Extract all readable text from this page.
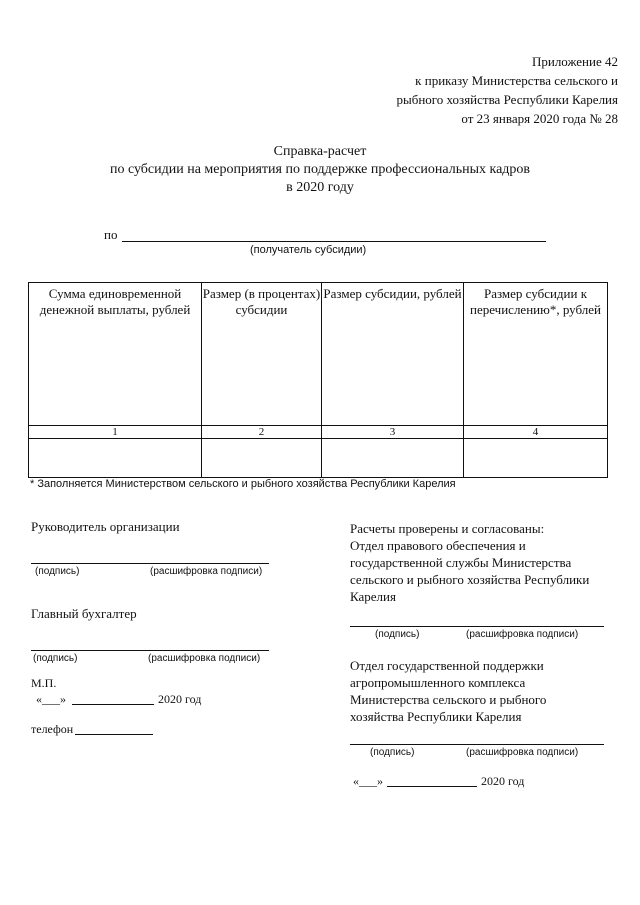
Приложение 42
к приказу Министерства сельского и
рыбного хозяйства Республики Карелия
от 23 января 2020 года № 28
Справка-расчет
по субсидии на мероприятия по поддержке профессиональных кадров
в 2020 году
по
(получатель субсидии)
Сумма единовременной денежной выплаты, рублей	Размер (в процентах) субсидии	Размер субсидии, рублей	Размер субсидии к перечислению*, рублей
1	2	3	4

* Заполняется Министерством сельского и рыбного хозяйства Республики Карелия
Руководитель организации
(подпись)	(расшифровка подписи)
Главный бухгалтер
(подпись)	(расшифровка подписи)
М.П.
«___»	2020 год
телефон
Расчеты проверены и согласованы:
Отдел правового обеспечения и
государственной службы Министерства
сельского и рыбного хозяйства Республики
Карелия
(подпись)	(расшифровка подписи)
Отдел государственной поддержки
агропромышленного комплекса
Министерства сельского и рыбного
хозяйства Республики Карелия
(подпись)	(расшифровка подписи)
«___»	2020 год
